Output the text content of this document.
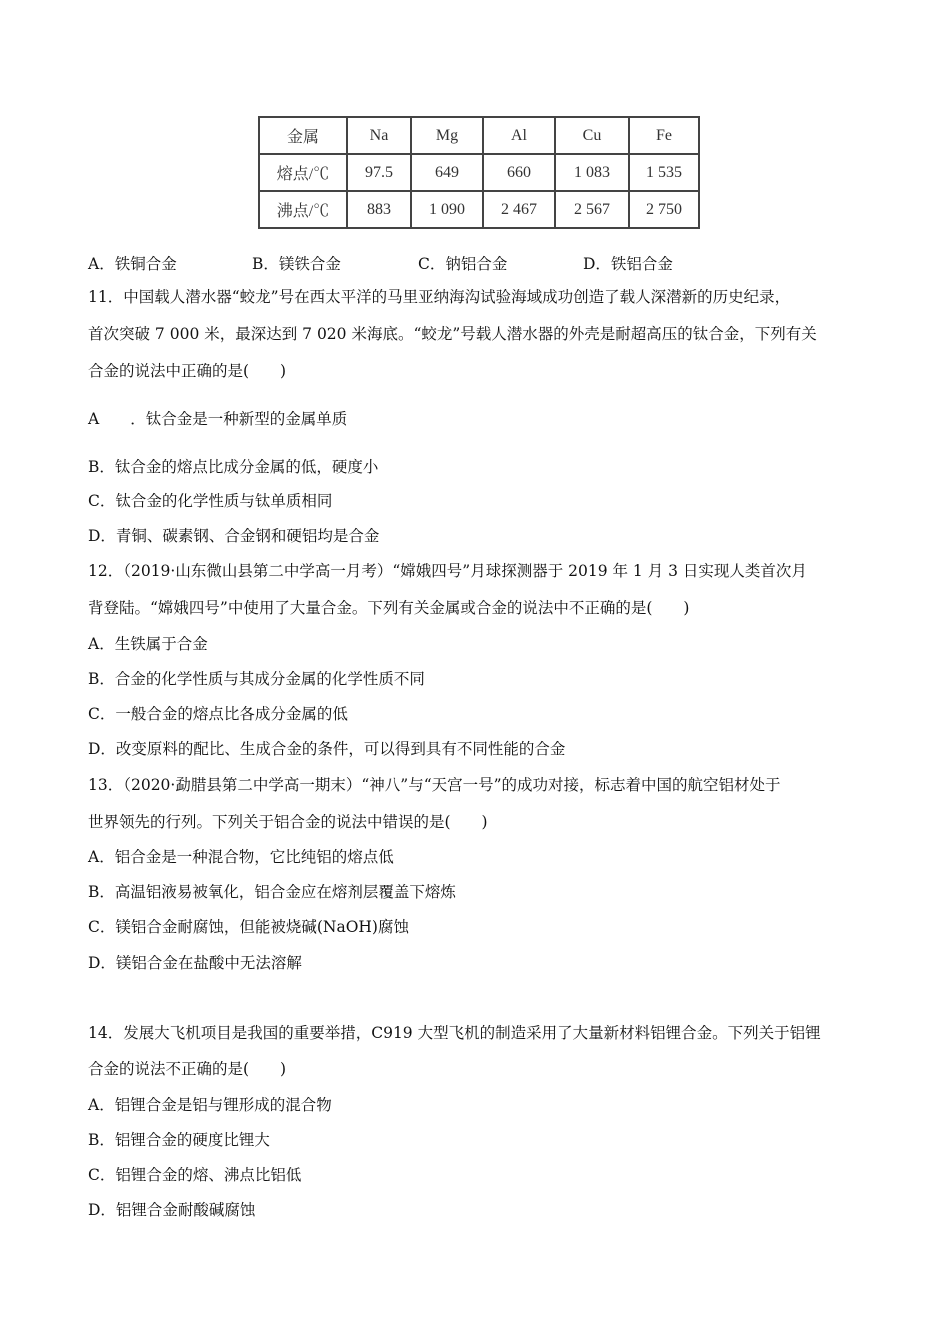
金属	Na	Mg	Al	Cu	Fe
熔点/℃	97.5	649	660	1 083	1 535
沸点/℃	883	1 090	2 467	2 567	2 750
A．铁铜合金	B．镁铁合金	C．钠铝合金	D．铁铝合金
11．中国载人潜水器“蛟龙”号在西太平洋的马里亚纳海沟试验海域成功创造了载人深潜新的历史纪录，
首次突破 7 000 米，最深达到 7 020 米海底。“蛟龙”号载人潜水器的外壳是耐超高压的钛合金，下列有关
合金的说法中正确的是(　　)
A　　．钛合金是一种新型的金属单质
B．钛合金的熔点比成分金属的低，硬度小
C．钛合金的化学性质与钛单质相同
D．青铜、碳素钢、合金钢和硬铝均是合金
12．（2019·山东微山县第二中学高一月考）“嫦娥四号”月球探测器于 2019 年 1 月 3 日实现人类首次月
背登陆。“嫦娥四号”中使用了大量合金。下列有关金属或合金的说法中不正确的是(　　)
A．生铁属于合金
B．合金的化学性质与其成分金属的化学性质不同
C．一般合金的熔点比各成分金属的低
D．改变原料的配比、生成合金的条件，可以得到具有不同性能的合金
13．（2020·勐腊县第二中学高一期末）“神八”与“天宫一号”的成功对接，标志着中国的航空铝材处于
世界领先的行列。下列关于铝合金的说法中错误的是(　　)
A．铝合金是一种混合物，它比纯铝的熔点低
B．高温铝液易被氧化，铝合金应在熔剂层覆盖下熔炼
C．镁铝合金耐腐蚀，但能被烧碱(NaOH)腐蚀
D．镁铝合金在盐酸中无法溶解
14．发展大飞机项目是我国的重要举措，C919 大型飞机的制造采用了大量新材料铝锂合金。下列关于铝锂
合金的说法不正确的是(　　)
A．铝锂合金是铝与锂形成的混合物
B．铝锂合金的硬度比锂大
C．铝锂合金的熔、沸点比铝低
D．铝锂合金耐酸碱腐蚀
